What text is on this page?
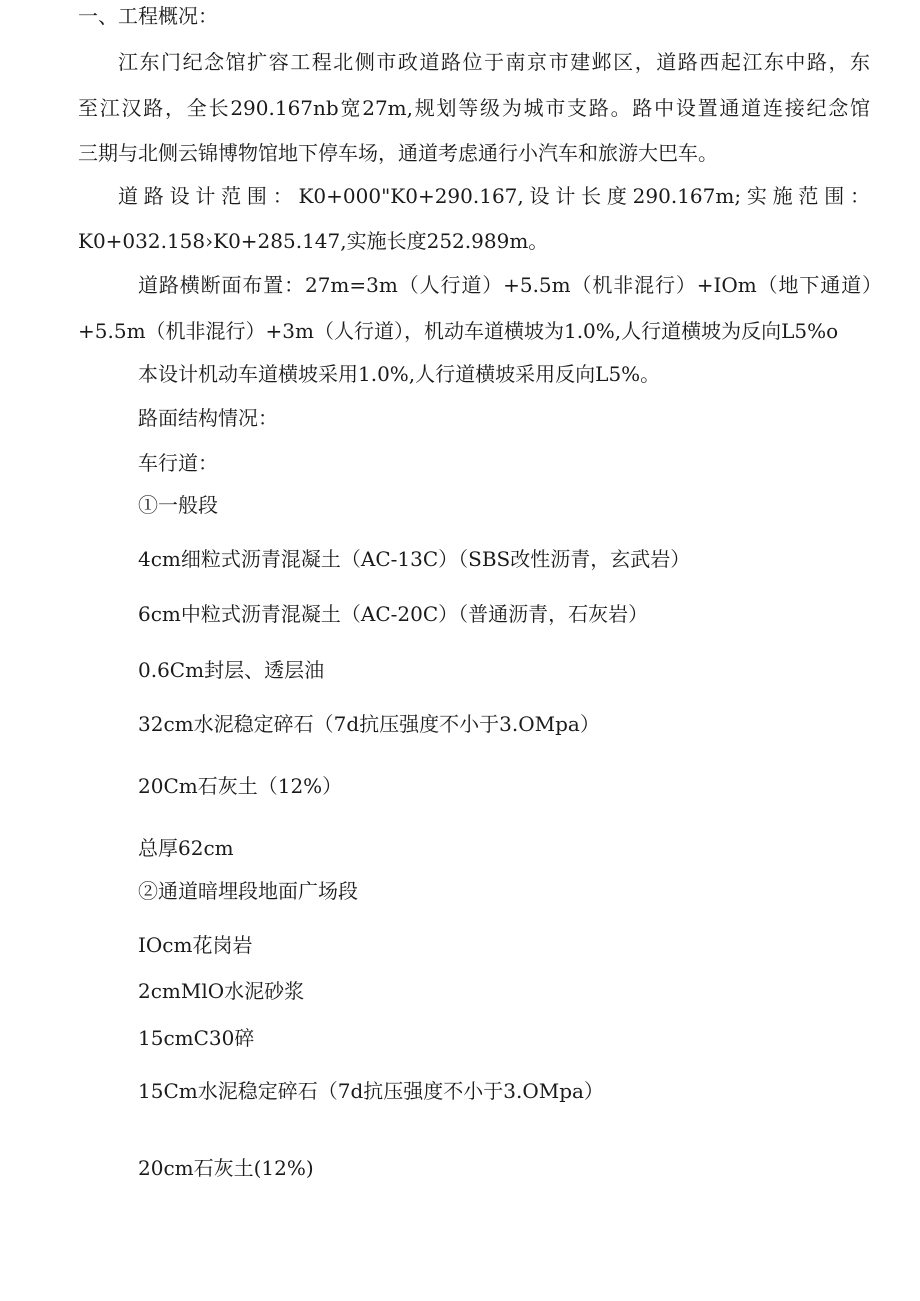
一、工程概况：
江东门纪念馆扩容工程北侧市政道路位于南京市建邺区，道路西起江东中路，东
至江汉路，全长290.167nb宽27m,规划等级为城市支路。路中设置通道连接纪念馆
三期与北侧云锦博物馆地下停车场，通道考虑通行小汽车和旅游大巴车。
道路设计范围：K0+000"K0+290.167,设计长度290.167m;实施范围：
K0+032.158›K0+285.147,实施长度252.989m。
道路横断面布置：27m=3m（人行道）+5.5m（机非混行）+IOm（地下通道）
+5.5m（机非混行）+3m（人行道），机动车道横坡为1.0%,人行道横坡为反向L5%o
本设计机动车道横坡采用1.0%,人行道横坡采用反向L5%。
路面结构情况：
车行道：
①一般段
4cm细粒式沥青混凝土（AC-13C）（SBS改性沥青，玄武岩）
6cm中粒式沥青混凝土（AC-20C）（普通沥青，石灰岩）
0.6Cm封层、透层油
32cm水泥稳定碎石（7d抗压强度不小于3.OMpa）
20Cm石灰土（12%）
总厚62cm
②通道暗埋段地面广场段
IOcm花岗岩
2cmMlO水泥砂浆
15cmC30碎
15Cm水泥稳定碎石（7d抗压强度不小于3.OMpa）
20cm石灰土(12%)
